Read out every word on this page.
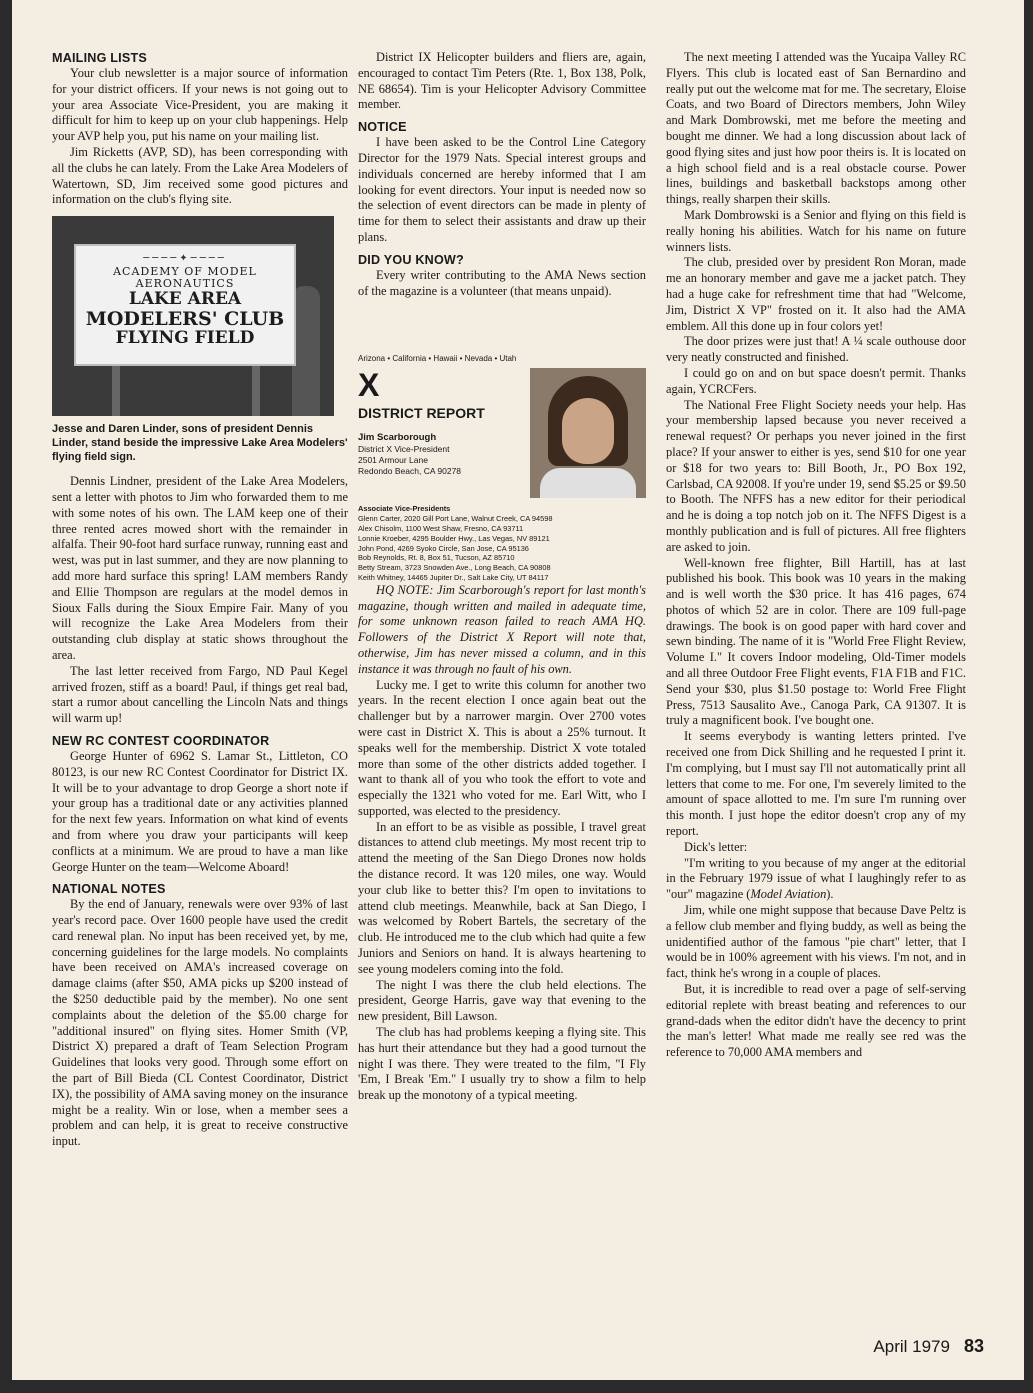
MAILING LISTS

Your club newsletter is a major source of information for your district officers. If your news is not going out to your area Associate Vice-President, you are making it difficult for him to keep up on your club happenings. Help your AVP help you, put his name on your mailing list.

Jim Ricketts (AVP, SD), has been corresponding with all the clubs he can lately. From the Lake Area Modelers of Watertown, SD, Jim received some good pictures and information on the club's flying site.

────✦────
ACADEMY OF MODEL
AERONAUTICS
LAKE AREA
MODELERS' CLUB
FLYING FIELD
Jesse and Daren Linder, sons of president Dennis Linder, stand beside the impressive Lake Area Modelers' flying field sign.

Dennis Lindner, president of the Lake Area Modelers, sent a letter with photos to Jim who forwarded them to me with some notes of his own. The LAM keep one of their three rented acres mowed short with the remainder in alfalfa. Their 90-foot hard surface runway, running east and west, was put in last summer, and they are now planning to add more hard surface this spring! LAM members Randy and Ellie Thompson are regulars at the model demos in Sioux Falls during the Sioux Empire Fair. Many of you will recognize the Lake Area Modelers from their outstanding club display at static shows throughout the area.

The last letter received from Fargo, ND Paul Kegel arrived frozen, stiff as a board! Paul, if things get real bad, start a rumor about cancelling the Lincoln Nats and things will warm up!

NEW RC CONTEST COORDINATOR

George Hunter of 6962 S. Lamar St., Littleton, CO 80123, is our new RC Contest Coordinator for District IX. It will be to your advantage to drop George a short note if your group has a traditional date or any activities planned for the next few years. Information on what kind of events and from where you draw your participants will keep conflicts at a minimum. We are proud to have a man like George Hunter on the team—Welcome Aboard!

NATIONAL NOTES

By the end of January, renewals were over 93% of last year's record pace. Over 1600 people have used the credit card renewal plan. No input has been received yet, by me, concerning guidelines for the large models. No complaints have been received on AMA's increased coverage on damage claims (after $50, AMA picks up $200 instead of the $250 deductible paid by the member). No one sent complaints about the deletion of the $5.00 charge for "additional insured" on flying sites. Homer Smith (VP, District X) prepared a draft of Team Selection Program Guidelines that looks very good. Through some effort on the part of Bill Bieda (CL Contest Coordinator, District IX), the possibility of AMA saving money on the insurance might be a reality. Win or lose, when a member sees a problem and can help, it is great to receive constructive input.

District IX Helicopter builders and fliers are, again, encouraged to contact Tim Peters (Rte. 1, Box 138, Polk, NE 68654). Tim is your Helicopter Advisory Committee member.

NOTICE

I have been asked to be the Control Line Category Director for the 1979 Nats. Special interest groups and individuals concerned are hereby informed that I am looking for event directors. Your input is needed now so the selection of event directors can be made in plenty of time for them to select their assistants and draw up their plans.

DID YOU KNOW?

Every writer contributing to the AMA News section of the magazine is a volunteer (that means unpaid).

Arizona • California • Hawaii • Nevada • Utah
X
DISTRICT REPORT
Jim Scarborough
District X Vice-President
2501 Armour Lane
Redondo Beach, CA 90278
Associate Vice-Presidents
Glenn Carter, 2020 Gill Port Lane, Walnut Creek, CA 94598
Alex Chisolm, 1100 West Shaw, Fresno, CA 93711
Lonnie Kroeber, 4295 Boulder Hwy., Las Vegas, NV 89121
John Pond, 4269 Syoko Circle, San Jose, CA 95136
Bob Reynolds, Rt. 8, Box 51, Tucson, AZ 85710
Betty Stream, 3723 Snowden Ave., Long Beach, CA 90808
Keith Whitney, 14465 Jupiter Dr., Salt Lake City, UT 84117

HQ NOTE: Jim Scarborough's report for last month's magazine, though written and mailed in adequate time, for some unknown reason failed to reach AMA HQ. Followers of the District X Report will note that, otherwise, Jim has never missed a column, and in this instance it was through no fault of his own.

Lucky me. I get to write this column for another two years. In the recent election I once again beat out the challenger but by a narrower margin. Over 2700 votes were cast in District X. This is about a 25% turnout. It speaks well for the membership. District X vote totaled more than some of the other districts added together. I want to thank all of you who took the effort to vote and especially the 1321 who voted for me. Earl Witt, who I supported, was elected to the presidency.

In an effort to be as visible as possible, I travel great distances to attend club meetings. My most recent trip to attend the meeting of the San Diego Drones now holds the distance record. It was 120 miles, one way. Would your club like to better this? I'm open to invitations to attend club meetings. Meanwhile, back at San Diego, I was welcomed by Robert Bartels, the secretary of the club. He introduced me to the club which had quite a few Juniors and Seniors on hand. It is always heartening to see young modelers coming into the fold.

The night I was there the club held elections. The president, George Harris, gave way that evening to the new president, Bill Lawson.

The club has had problems keeping a flying site. This has hurt their attendance but they had a good turnout the night I was there. They were treated to the film, "I Fly 'Em, I Break 'Em." I usually try to show a film to help break up the monotony of a typical meeting.

The next meeting I attended was the Yucaipa Valley RC Flyers. This club is located east of San Bernardino and really put out the welcome mat for me. The secretary, Eloise Coats, and two Board of Directors members, John Wiley and Mark Dombrowski, met me before the meeting and bought me dinner. We had a long discussion about lack of good flying sites and just how poor theirs is. It is located on a high school field and is a real obstacle course. Power lines, buildings and basketball backstops among other things, really sharpen their skills.

Mark Dombrowski is a Senior and flying on this field is really honing his abilities. Watch for his name on future winners lists.

The club, presided over by president Ron Moran, made me an honorary member and gave me a jacket patch. They had a huge cake for refreshment time that had "Welcome, Jim, District X VP" frosted on it. It also had the AMA emblem. All this done up in four colors yet!

The door prizes were just that! A ¼ scale outhouse door very neatly constructed and finished.

I could go on and on but space doesn't permit. Thanks again, YCRCFers.

The National Free Flight Society needs your help. Has your membership lapsed because you never received a renewal request? Or perhaps you never joined in the first place? If your answer to either is yes, send $10 for one year or $18 for two years to: Bill Booth, Jr., PO Box 192, Carlsbad, CA 92008. If you're under 19, send $5.25 or $9.50 to Booth. The NFFS has a new editor for their periodical and he is doing a top notch job on it. The NFFS Digest is a monthly publication and is full of pictures. All free flighters are asked to join.

Well-known free flighter, Bill Hartill, has at last published his book. This book was 10 years in the making and is well worth the $30 price. It has 416 pages, 674 photos of which 52 are in color. There are 109 full-page drawings. The book is on good paper with hard cover and sewn binding. The name of it is "World Free Flight Review, Volume I." It covers Indoor modeling, Old-Timer models and all three Outdoor Free Flight events, F1A F1B and F1C. Send your $30, plus $1.50 postage to: World Free Flight Press, 7513 Sausalito Ave., Canoga Park, CA 91307. It is truly a magnificent book. I've bought one.

It seems everybody is wanting letters printed. I've received one from Dick Shilling and he requested I print it. I'm complying, but I must say I'll not automatically print all letters that come to me. For one, I'm severely limited to the amount of space allotted to me. I'm sure I'm running over this month. I just hope the editor doesn't crop any of my report.

Dick's letter:

"I'm writing to you because of my anger at the editorial in the February 1979 issue of what I laughingly refer to as "our" magazine (Model Aviation).

Jim, while one might suppose that because Dave Peltz is a fellow club member and flying buddy, as well as being the unidentified author of the famous "pie chart" letter, that I would be in 100% agreement with his views. I'm not, and in fact, think he's wrong in a couple of places.

But, it is incredible to read over a page of self-serving editorial replete with breast beating and references to our grand-dads when the editor didn't have the decency to print the man's letter! What made me really see red was the reference to 70,000 AMA members and

April 1979 83
